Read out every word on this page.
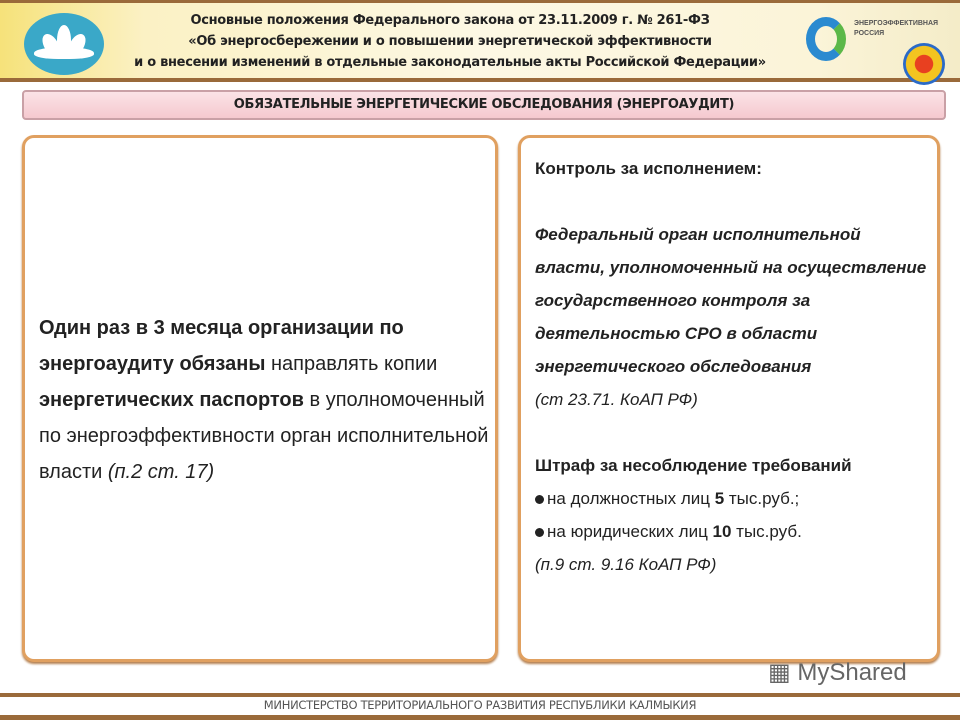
Основные положения Федерального закона от 23.11.2009 г. № 261-ФЗ
«Об энергосбережении и о повышении энергетической эффективности
и о внесении изменений в отдельные законодательные акты Российской Федерации»
ЭНЕРГОЭФФЕКТИВНАЯ
РОССИЯ
ОБЯЗАТЕЛЬНЫЕ ЭНЕРГЕТИЧЕСКИЕ ОБСЛЕДОВАНИЯ (ЭНЕРГОАУДИТ)
Один раз в 3 месяца организации по энергоаудиту обязаны направлять копии энергетических паспортов в уполномоченный по энергоэффективности орган исполнительной власти (п.2 ст. 17)
Контроль за исполнением:
Федеральный орган исполнительной власти, уполномоченный на осуществление государственного контроля за деятельностью СРО в области энергетического обследования
(ст 23.71. КоАП РФ)
Штраф за несоблюдение требований
на должностных лиц 5 тыс.руб.;
на юридических лиц 10 тыс.руб.
(п.9 ст. 9.16 КоАП РФ)
▦ MyShared
МИНИСТЕРСТВО ТЕРРИТОРИАЛЬНОГО РАЗВИТИЯ РЕСПУБЛИКИ КАЛМЫКИЯ
